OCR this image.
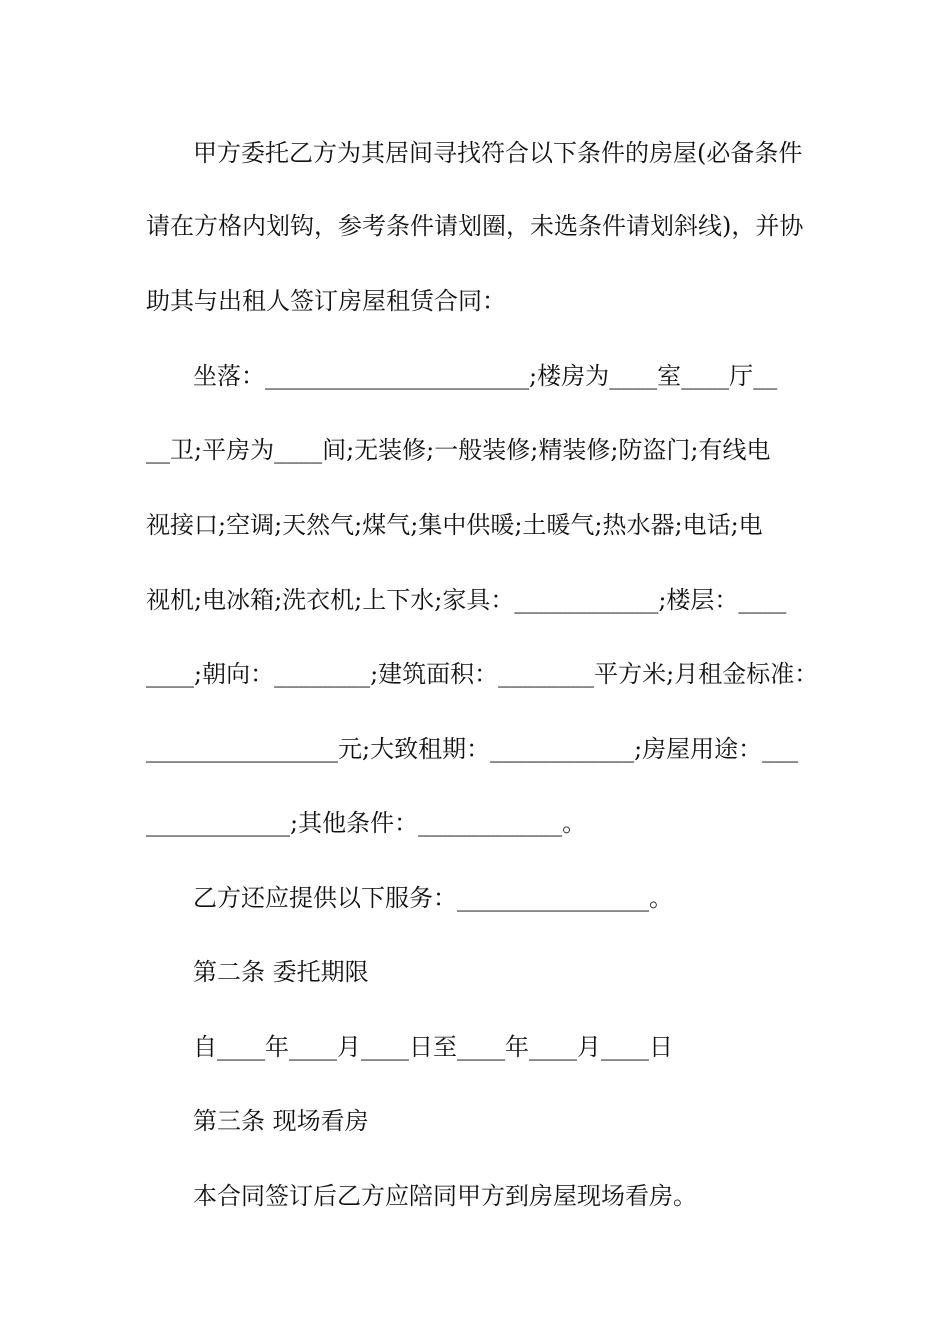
甲方委托乙方为其居间寻找符合以下条件的房屋(必备条件
请在方格内划钩，参考条件请划圈，未选条件请划斜线)，并协
助其与出租人签订房屋租赁合同：
坐落：______________________;楼房为____室____厅__
__卫;平房为____间;无装修;一般装修;精装修;防盗门;有线电
视接口;空调;天然气;煤气;集中供暖;土暖气;热水器;电话;电
视机;电冰箱;洗衣机;上下水;家具：____________;楼层：____
____;朝向：________;建筑面积：________平方米;月租金标准：
________________元;大致租期：____________;房屋用途：___
____________;其他条件：____________。
乙方还应提供以下服务：________________。
第二条 委托期限
自____年____月____日至____年____月____日
第三条 现场看房
本合同签订后乙方应陪同甲方到房屋现场看房。
